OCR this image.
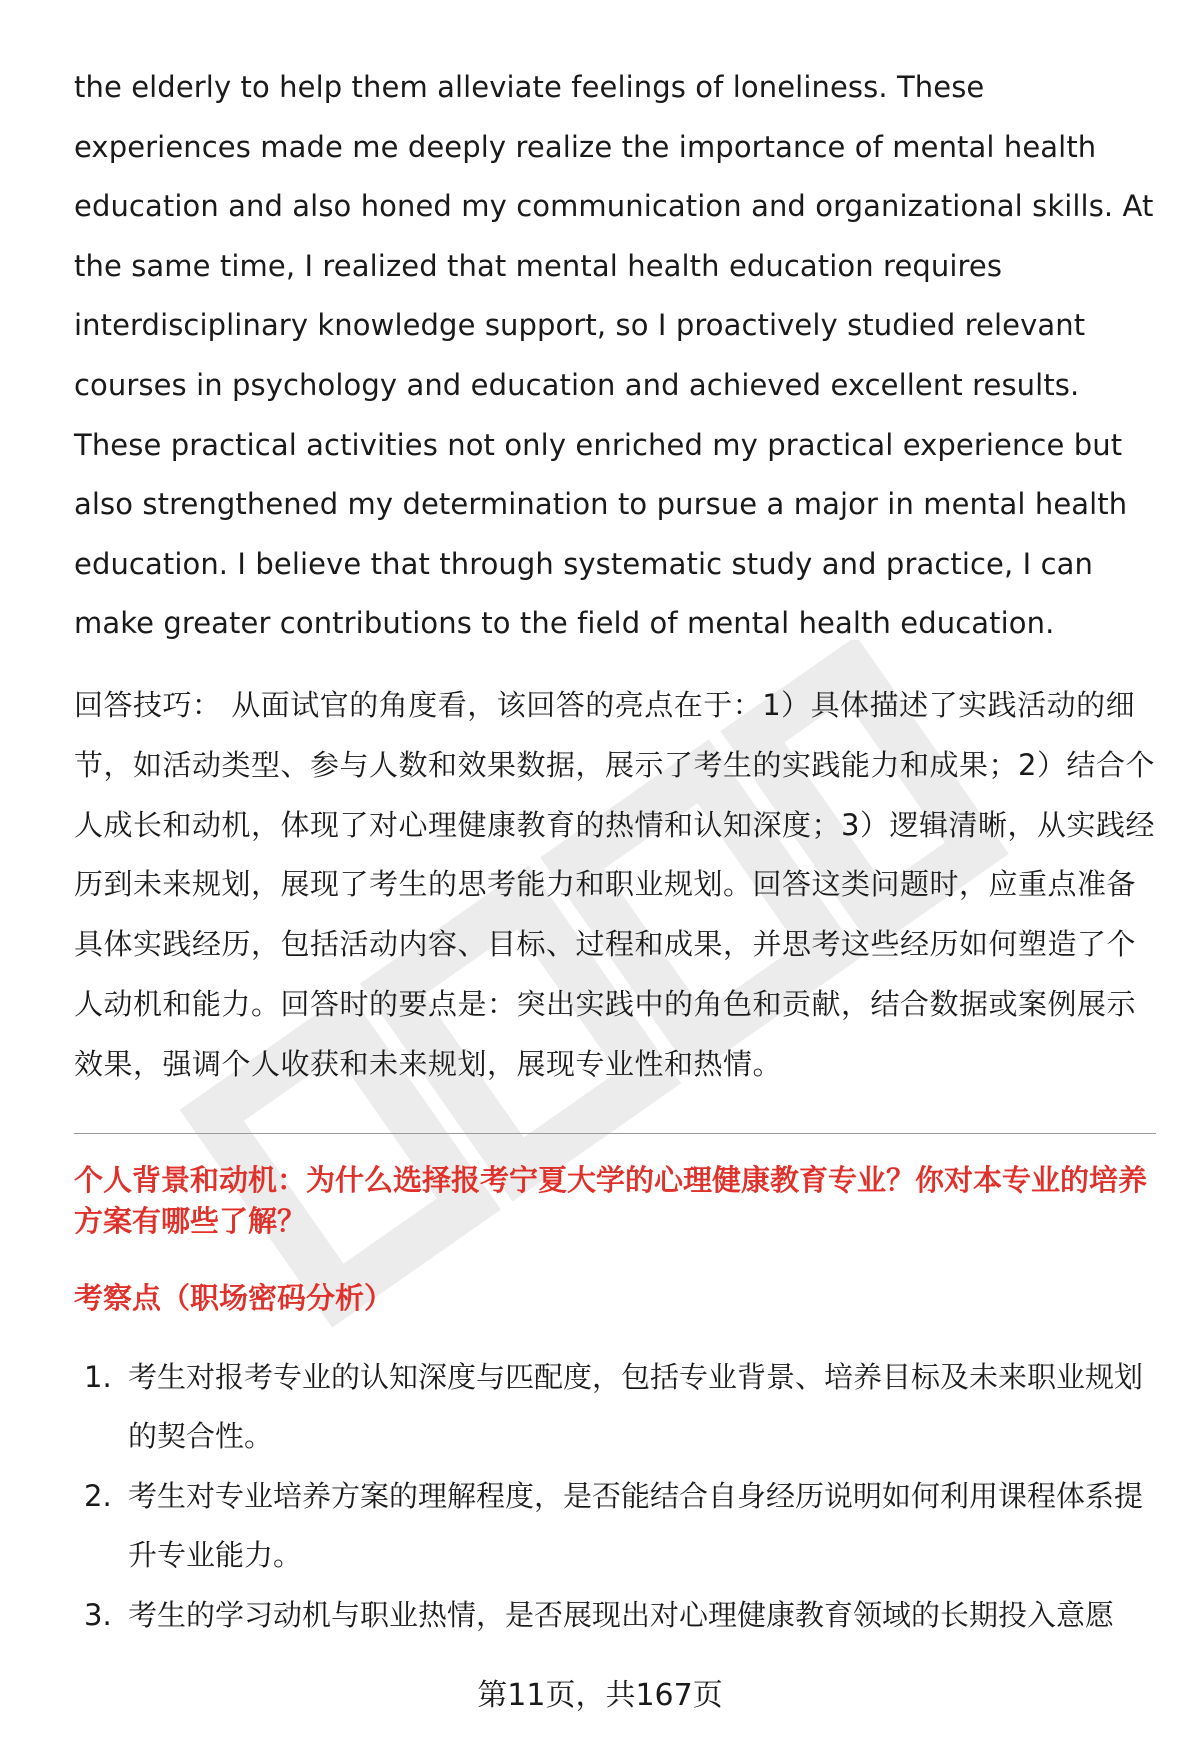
the elderly to help them alleviate feelings of loneliness. These experiences made me deeply realize the importance of mental health education and also honed my communication and organizational skills. At the same time, I realized that mental health education requires interdisciplinary knowledge support, so I proactively studied relevant courses in psychology and education and achieved excellent results. These practical activities not only enriched my practical experience but also strengthened my determination to pursue a major in mental health education. I believe that through systematic study and practice, I can make greater contributions to the field of mental health education.

回答技巧： 从面试官的角度看，该回答的亮点在于：1）具体描述了实践活动的细节，如活动类型、参与人数和效果数据，展示了考生的实践能力和成果；2）结合个人成长和动机，体现了对心理健康教育的热情和认知深度；3）逻辑清晰，从实践经历到未来规划，展现了考生的思考能力和职业规划。回答这类问题时，应重点准备具体实践经历，包括活动内容、目标、过程和成果，并思考这些经历如何塑造了个人动机和能力。回答时的要点是：突出实践中的角色和贡献，结合数据或案例展示效果，强调个人收获和未来规划，展现专业性和热情。

个人背景和动机：为什么选择报考宁夏大学的心理健康教育专业？你对本专业的培养方案有哪些了解？

考察点（职场密码分析）

1. 考生对报考专业的认知深度与匹配度，包括专业背景、培养目标及未来职业规划的契合性。
2. 考生对专业培养方案的理解程度，是否能结合自身经历说明如何利用课程体系提升专业能力。
3. 考生的学习动机与职业热情，是否展现出对心理健康教育领域的长期投入意愿
第11页，共167页
